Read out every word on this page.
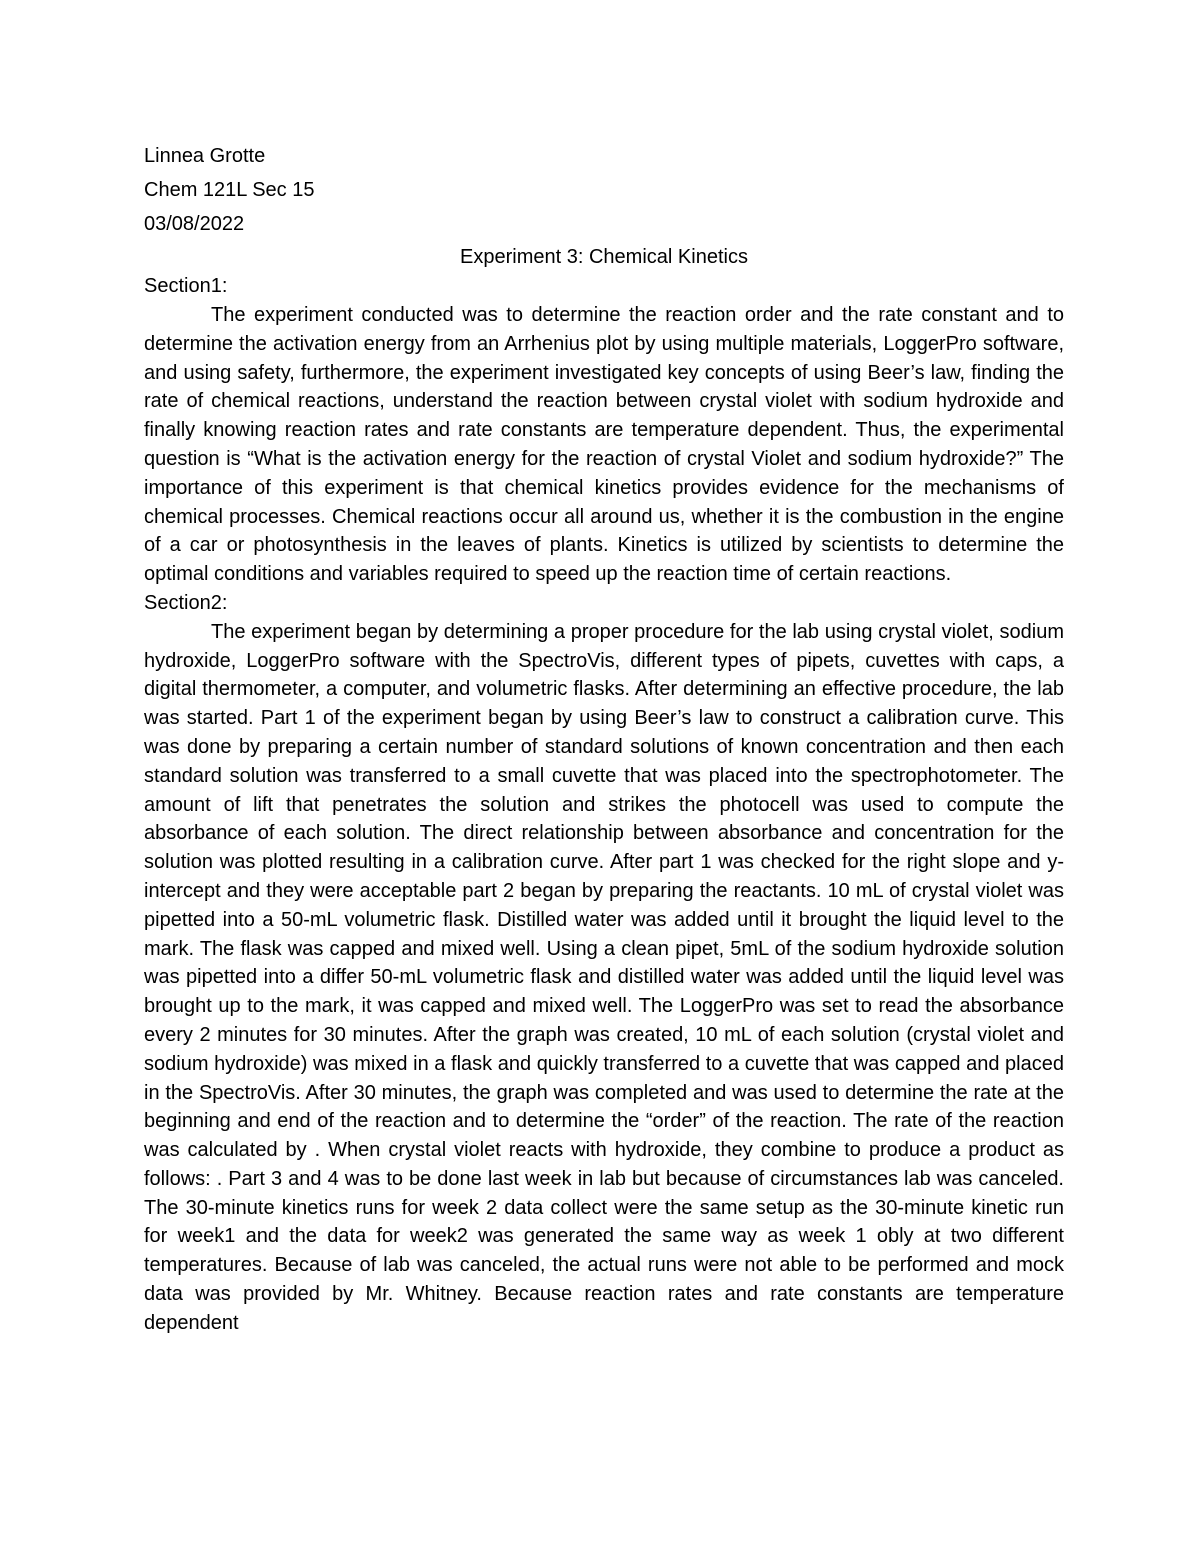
Linnea Grotte
Chem 121L Sec 15
03/08/2022
Experiment 3: Chemical Kinetics
Section1:

The experiment conducted was to determine the reaction order and the rate constant and to determine the activation energy from an Arrhenius plot by using multiple materials, LoggerPro software, and using safety, furthermore, the experiment investigated key concepts of using Beer’s law, finding the rate of chemical reactions, understand the reaction between crystal violet with sodium hydroxide and finally knowing reaction rates and rate constants are temperature dependent. Thus, the experimental question is “What is the activation energy for the reaction of crystal Violet and sodium hydroxide?” The importance of this experiment is that chemical kinetics provides evidence for the mechanisms of chemical processes. Chemical reactions occur all around us, whether it is the combustion in the engine of a car or photosynthesis in the leaves of plants. Kinetics is utilized by scientists to determine the optimal conditions and variables required to speed up the reaction time of certain reactions.

Section2:

The experiment began by determining a proper procedure for the lab using crystal violet, sodium hydroxide, LoggerPro software with the SpectroVis, different types of pipets, cuvettes with caps, a digital thermometer, a computer, and volumetric flasks. After determining an effective procedure, the lab was started. Part 1 of the experiment began by using Beer’s law to construct a calibration curve. This was done by preparing a certain number of standard solutions of known concentration and then each standard solution was transferred to a small cuvette that was placed into the spectrophotometer. The amount of lift that penetrates the solution and strikes the photocell was used to compute the absorbance of each solution. The direct relationship between absorbance and concentration for the solution was plotted resulting in a calibration curve. After part 1 was checked for the right slope and y-intercept and they were acceptable part 2 began by preparing the reactants. 10 mL of crystal violet was pipetted into a 50-mL volumetric flask. Distilled water was added until it brought the liquid level to the mark. The flask was capped and mixed well. Using a clean pipet, 5mL of the sodium hydroxide solution was pipetted into a differ 50-mL volumetric flask and distilled water was added until the liquid level was brought up to the mark, it was capped and mixed well. The LoggerPro was set to read the absorbance every 2 minutes for 30 minutes. After the graph was created, 10 mL of each solution (crystal violet and sodium hydroxide) was mixed in a flask and quickly transferred to a cuvette that was capped and placed in the SpectroVis. After 30 minutes, the graph was completed and was used to determine the rate at the beginning and end of the reaction and to determine the “order” of the reaction. The rate of the reaction was calculated by . When crystal violet reacts with hydroxide, they combine to produce a product as follows: . Part 3 and 4 was to be done last week in lab but because of circumstances lab was canceled. The 30-minute kinetics runs for week 2 data collect were the same setup as the 30-minute kinetic run for week1 and the data for week2 was generated the same way as week 1 obly at two different temperatures. Because of lab was canceled, the actual runs were not able to be performed and mock data was provided by Mr. Whitney. Because reaction rates and rate constants are temperature dependent
